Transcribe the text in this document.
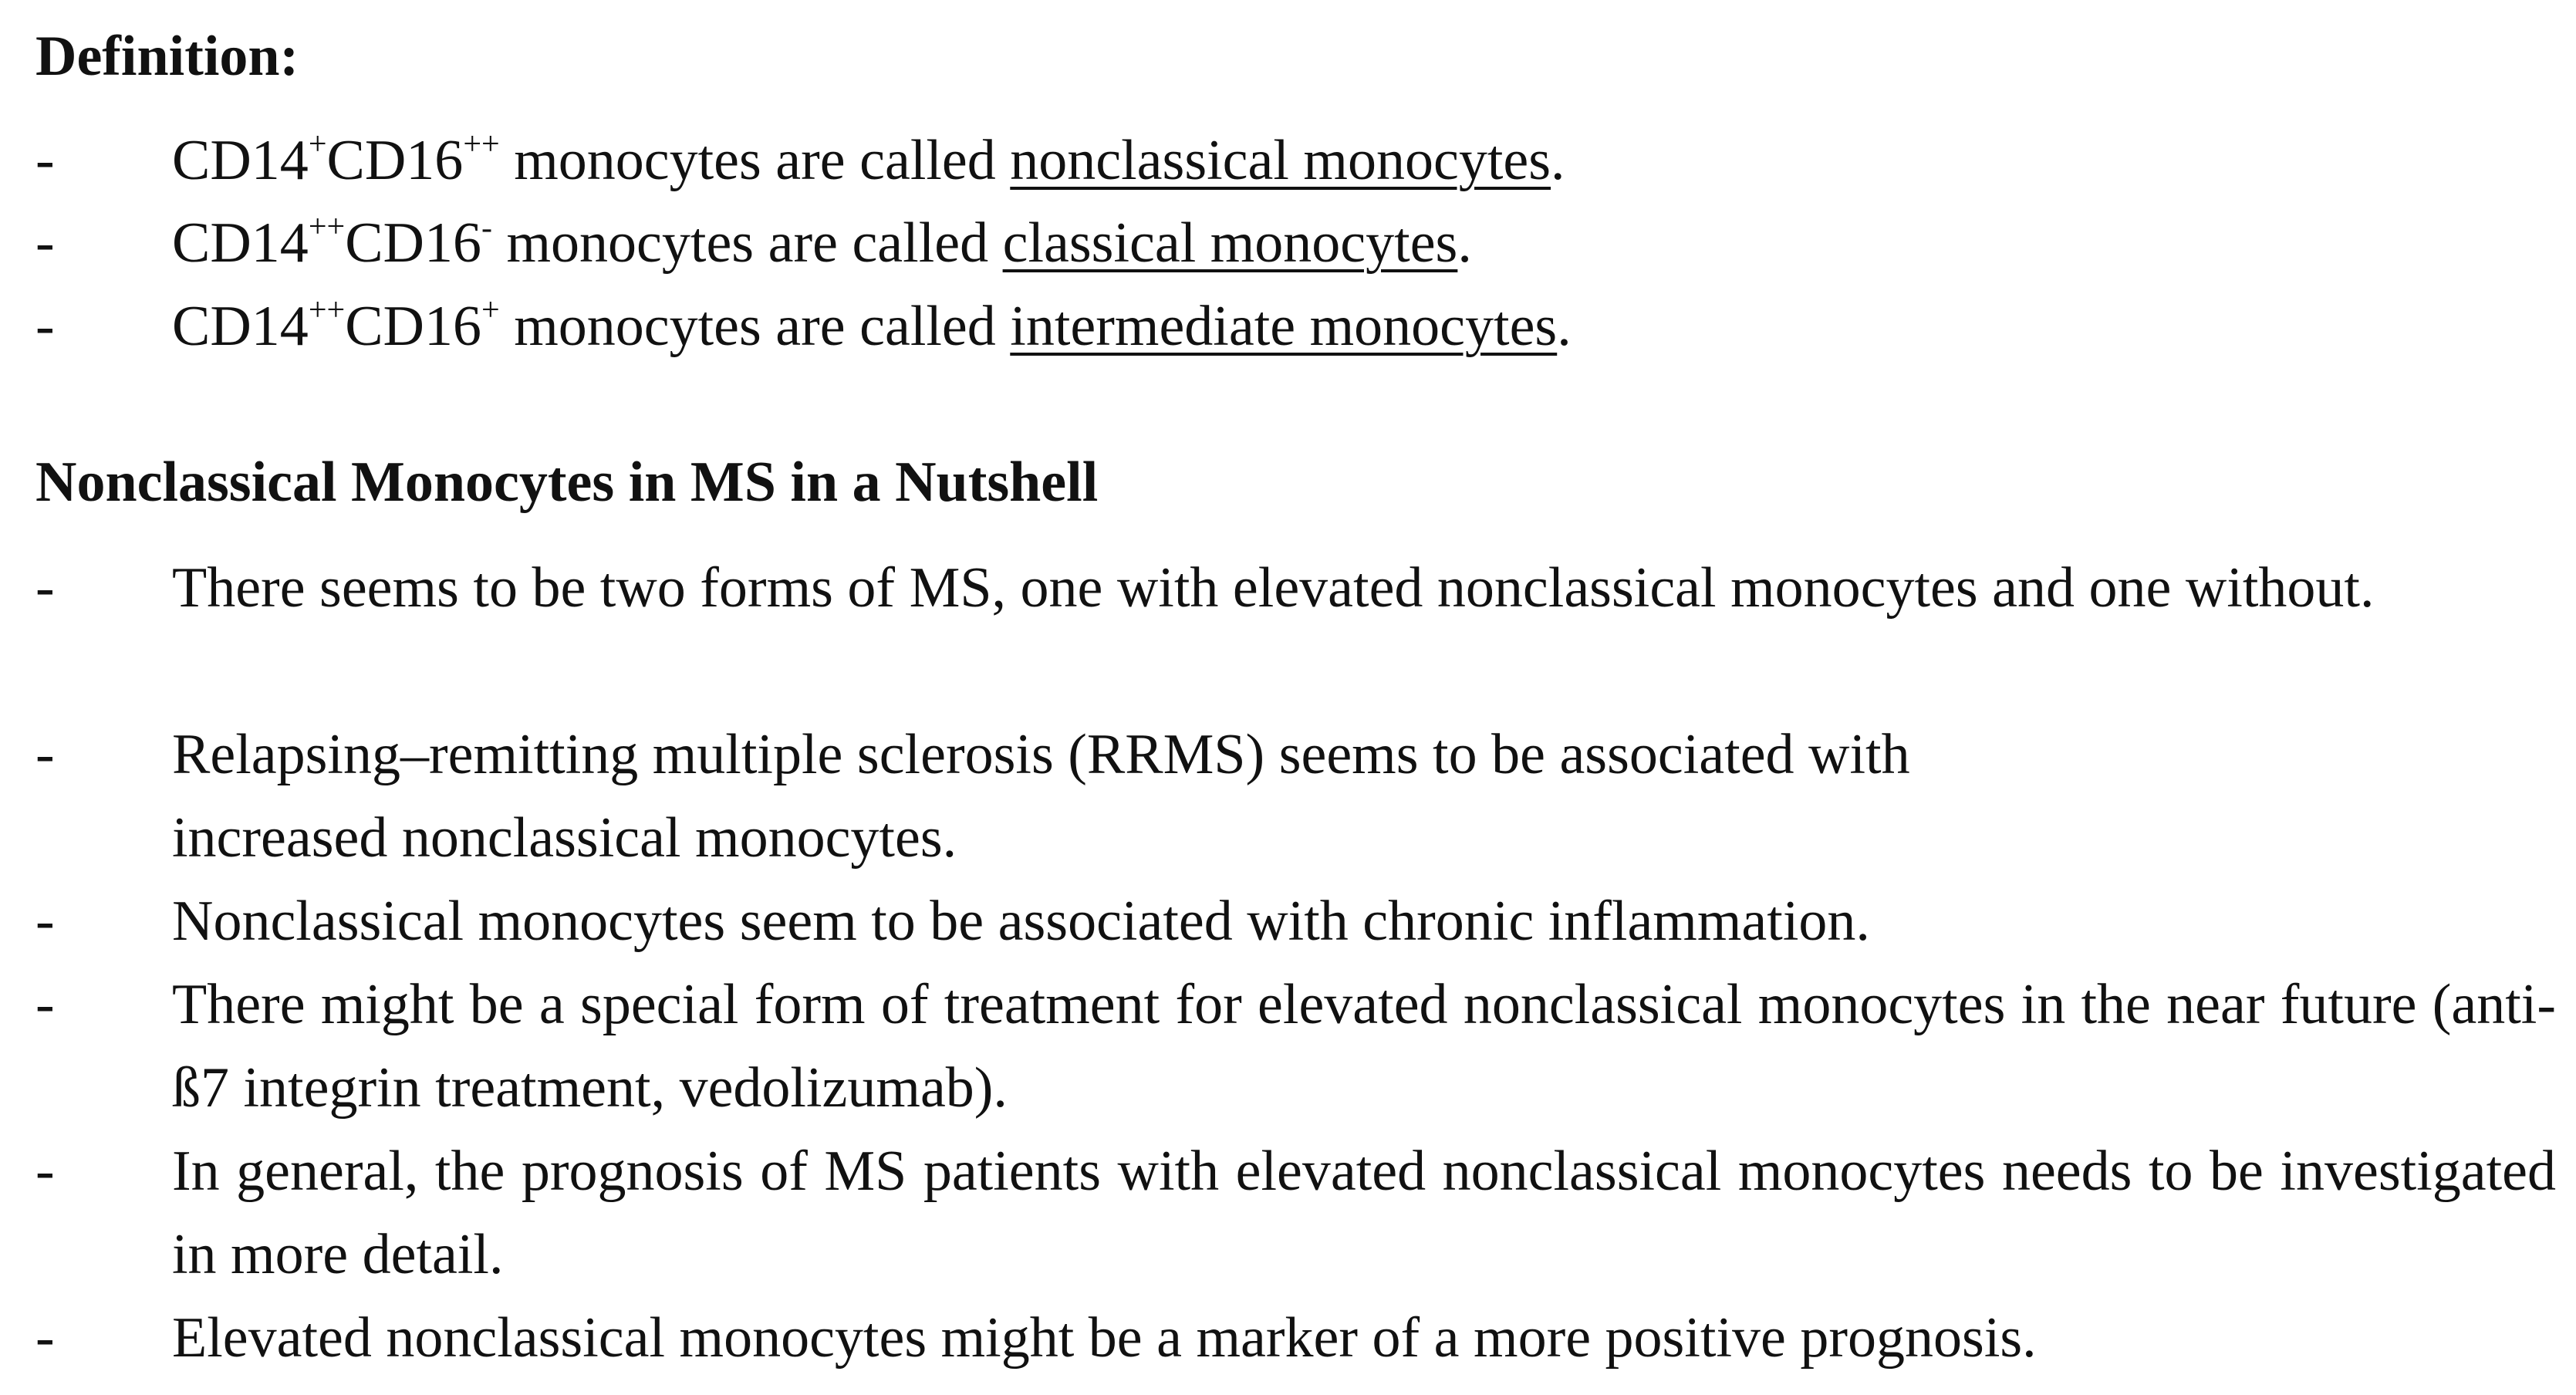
Definition:
- CD14+CD16++ monocytes are called nonclassical monocytes.
- CD14++CD16- monocytes are called classical monocytes.
- CD14++CD16+ monocytes are called intermediate monocytes.
Nonclassical Monocytes in MS in a Nutshell
- There seems to be two forms of MS, one with elevated nonclassical monocytes and one without.
- Relapsing–remitting multiple sclerosis (RRMS) seems to be associated with
increased nonclassical monocytes.
- Nonclassical monocytes seem to be associated with chronic inflammation.
- There might be a special form of treatment for elevated nonclassical monocytes in the near future (anti-ß7 integrin treatment, vedolizumab).
- In general, the prognosis of MS patients with elevated nonclassical monocytes needs to be investigated in more detail.
- Elevated nonclassical monocytes might be a marker of a more positive prognosis.
